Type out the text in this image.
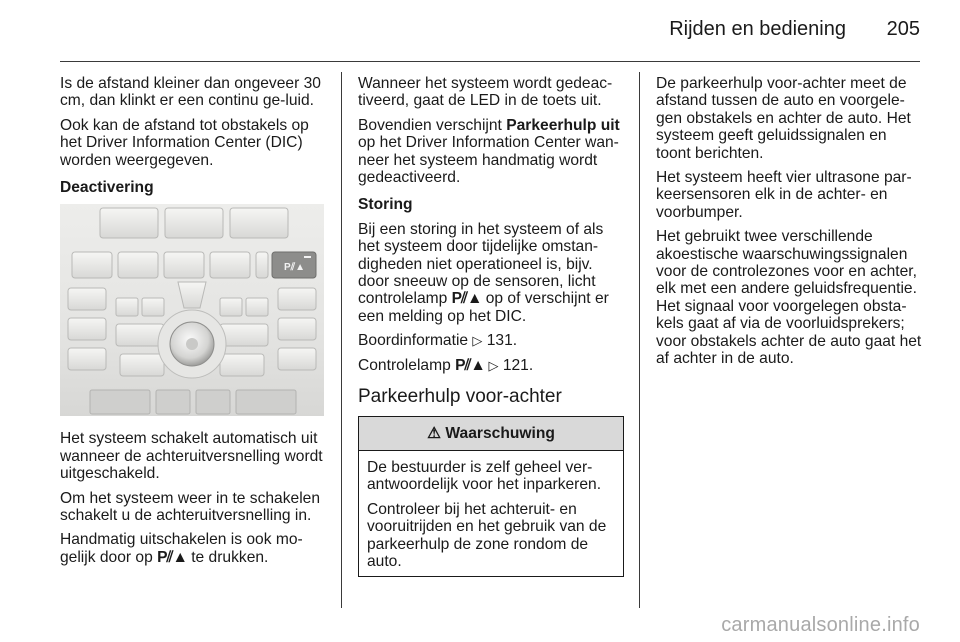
Rijden en bediening	205

Is de afstand kleiner dan ongeveer 30 cm, dan klinkt er een continu ge-luid.

Ook kan de afstand tot obstakels op het Driver Information Center (DIC) worden weergegeven.

Deactivering

P⫽▲

Het systeem schakelt automatisch uit wanneer de achteruitversnelling wordt uitgeschakeld.

Om het systeem weer in te schakelen schakelt u de achteruitversnelling in.

Handmatig uitschakelen is ook mo-gelijk door op P⫽▲ te drukken.

Wanneer het systeem wordt gedeac-tiveerd, gaat de LED in de toets uit.

Bovendien verschijnt Parkeerhulp uit op het Driver Information Center wan-neer het systeem handmatig wordt gedeactiveerd.

Storing

Bij een storing in het systeem of als het systeem door tijdelijke omstan-digheden niet operationeel is, bijv. door sneeuw op de sensoren, licht controlelamp P⫽▲ op of verschijnt er een melding op het DIC.

Boordinformatie ▷ 131.

Controlelamp P⫽▲ ▷ 121.

Parkeerhulp voor-achter
⚠ Waarschuwing

De bestuurder is zelf geheel ver-antwoordelijk voor het inparkeren.

Controleer bij het achteruit- en vooruitrijden en het gebruik van de parkeerhulp de zone rondom de auto.

De parkeerhulp voor-achter meet de afstand tussen de auto en voorgele-gen obstakels en achter de auto. Het systeem geeft geluidssignalen en toont berichten.

Het systeem heeft vier ultrasone par-keersensoren elk in de achter- en voorbumper.

Het gebruikt twee verschillende akoestische waarschuwingssignalen voor de controlezones voor en achter, elk met een andere geluidsfrequentie. Het signaal voor voorgelegen obsta-kels gaat af via de voorluidsprekers; voor obstakels achter de auto gaat het af achter in de auto.

carmanualsonline.info
